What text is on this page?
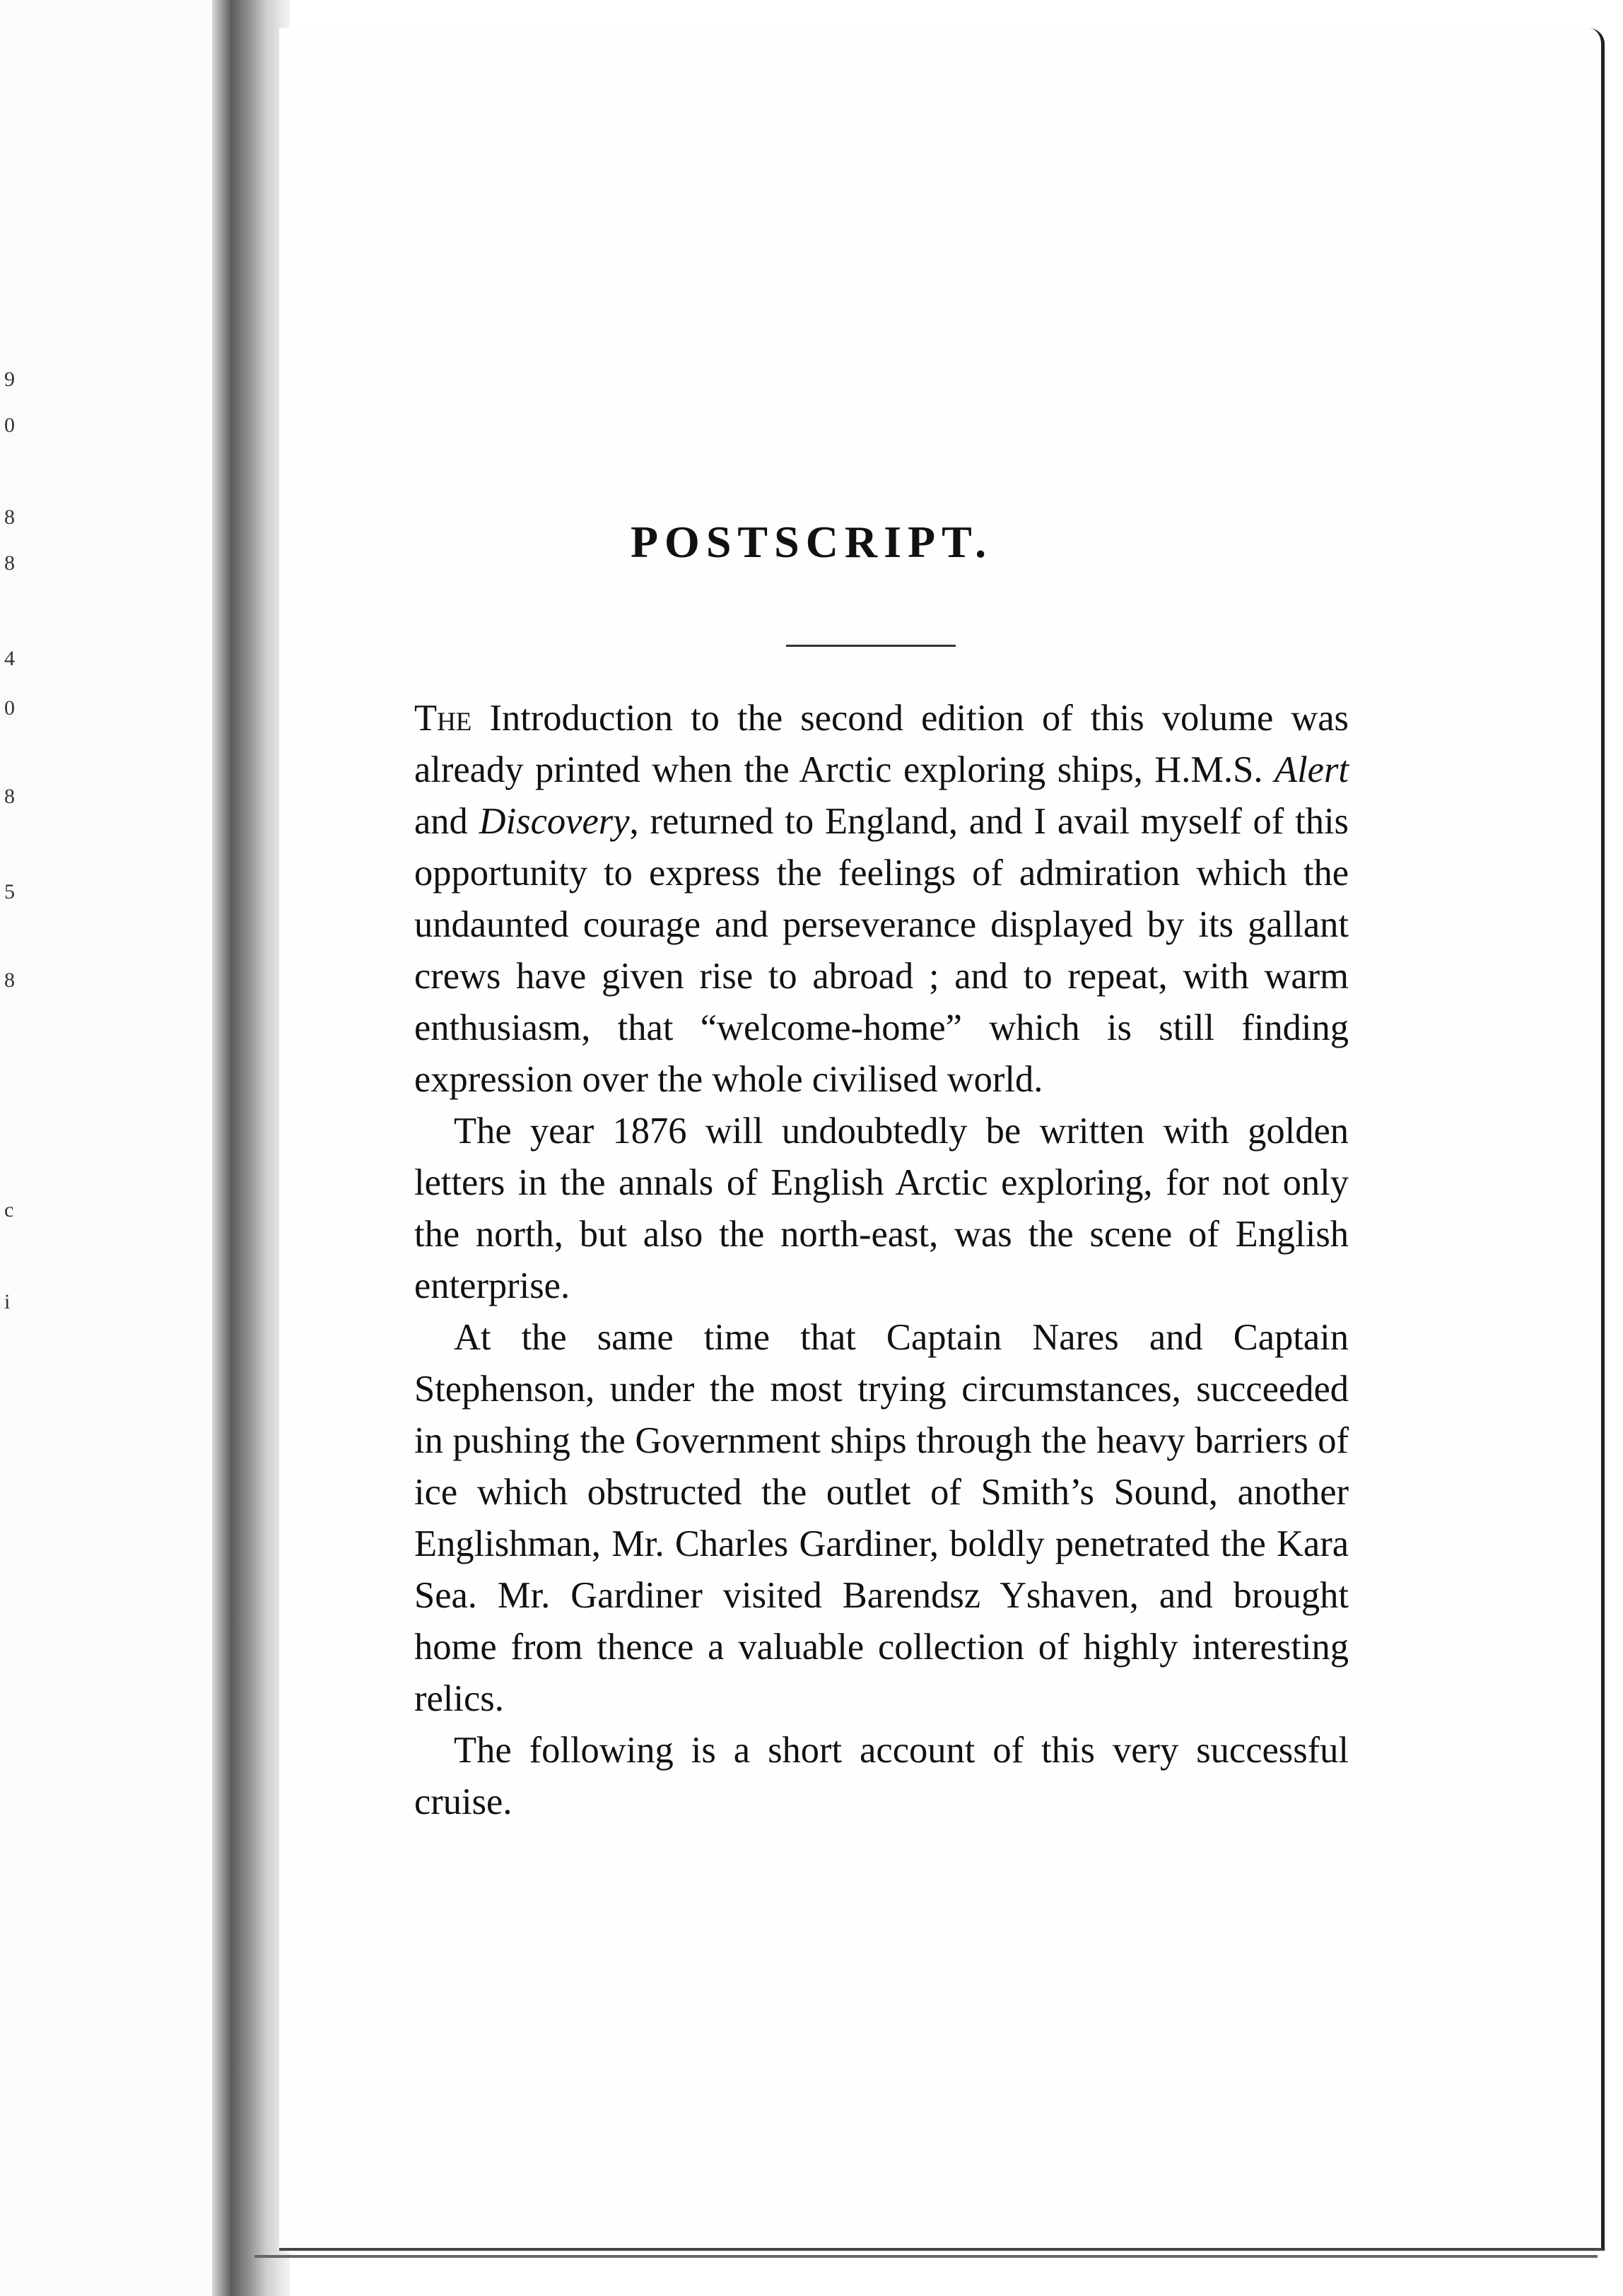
9
0
8
8
4
0
8
5
8
c
i
POSTSCRIPT.

The Introduction to the second edition of this volume was already printed when the Arctic exploring ships, H.M.S. Alert and Discovery, returned to England, and I avail myself of this opportunity to express the feelings of admiration which the undaunted courage and perseverance displayed by its gallant crews have given rise to abroad ; and to repeat, with warm enthusiasm, that “welcome-home” which is still finding expression over the whole civilised world.

The year 1876 will undoubtedly be written with golden letters in the annals of English Arctic exploring, for not only the north, but also the north-east, was the scene of English enterprise.

At the same time that Captain Nares and Captain Stephenson, under the most trying circumstances, succeeded in pushing the Government ships through the heavy barriers of ice which obstructed the outlet of Smith’s Sound, another Englishman, Mr. Charles Gardiner, boldly penetrated the Kara Sea. Mr. Gardiner visited Barendsz Yshaven, and brought home from thence a valuable collection of highly interesting relics.

The following is a short account of this very successful cruise.
